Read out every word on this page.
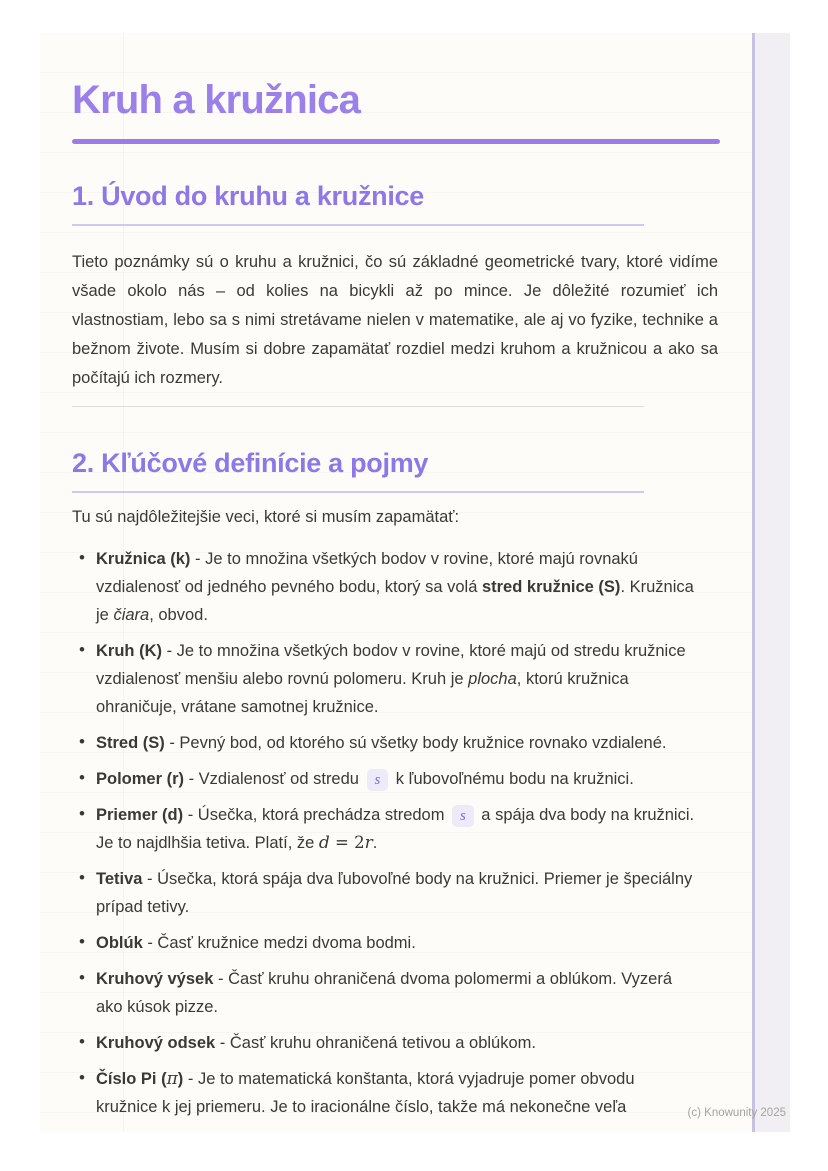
Kruh a kružnica
1. Úvod do kruhu a kružnice

Tieto poznámky sú o kruhu a kružnici, čo sú základné geometrické tvary, ktoré vidíme všade okolo nás – od kolies na bicykli až po mince. Je dôležité rozumieť ich vlastnostiam, lebo sa s nimi stretávame nielen v matematike, ale aj vo fyzike, technike a bežnom živote. Musím si dobre zapamätať rozdiel medzi kruhom a kružnicou a ako sa počítajú ich rozmery.

2. Kľúčové definície a pojmy

Tu sú najdôležitejšie veci, ktoré si musím zapamätať:

• Kružnica (k) - Je to množina všetkých bodov v rovine, ktoré majú rovnakú vzdialenosť od jedného pevného bodu, ktorý sa volá stred kružnice (S). Kružnica je čiara, obvod.
• Kruh (K) - Je to množina všetkých bodov v rovine, ktoré majú od stredu kružnice vzdialenosť menšiu alebo rovnú polomeru. Kruh je plocha, ktorú kružnica ohraničuje, vrátane samotnej kružnice.
• Stred (S) - Pevný bod, od ktorého sú všetky body kružnice rovnako vzdialené.
• Polomer (r) - Vzdialenosť od stredu s k ľubovoľnému bodu na kružnici.
• Priemer (d) - Úsečka, ktorá prechádza stredom s a spája dva body na kružnici. Je to najdlhšia tetiva. Platí, že d = 2r.
• Tetiva - Úsečka, ktorá spája dva ľubovoľné body na kružnici. Priemer je špeciálny prípad tetivy.
• Oblúk - Časť kružnice medzi dvoma bodmi.
• Kruhový výsek - Časť kruhu ohraničená dvoma polomermi a oblúkom. Vyzerá ako kúsok pizze.
• Kruhový odsek - Časť kruhu ohraničená tetivou a oblúkom.
• Číslo Pi (π) - Je to matematická konštanta, ktorá vyjadruje pomer obvodu kružnice k jej priemeru. Je to iracionálne číslo, takže má nekonečne veľa	(c) Knowunity 2025
